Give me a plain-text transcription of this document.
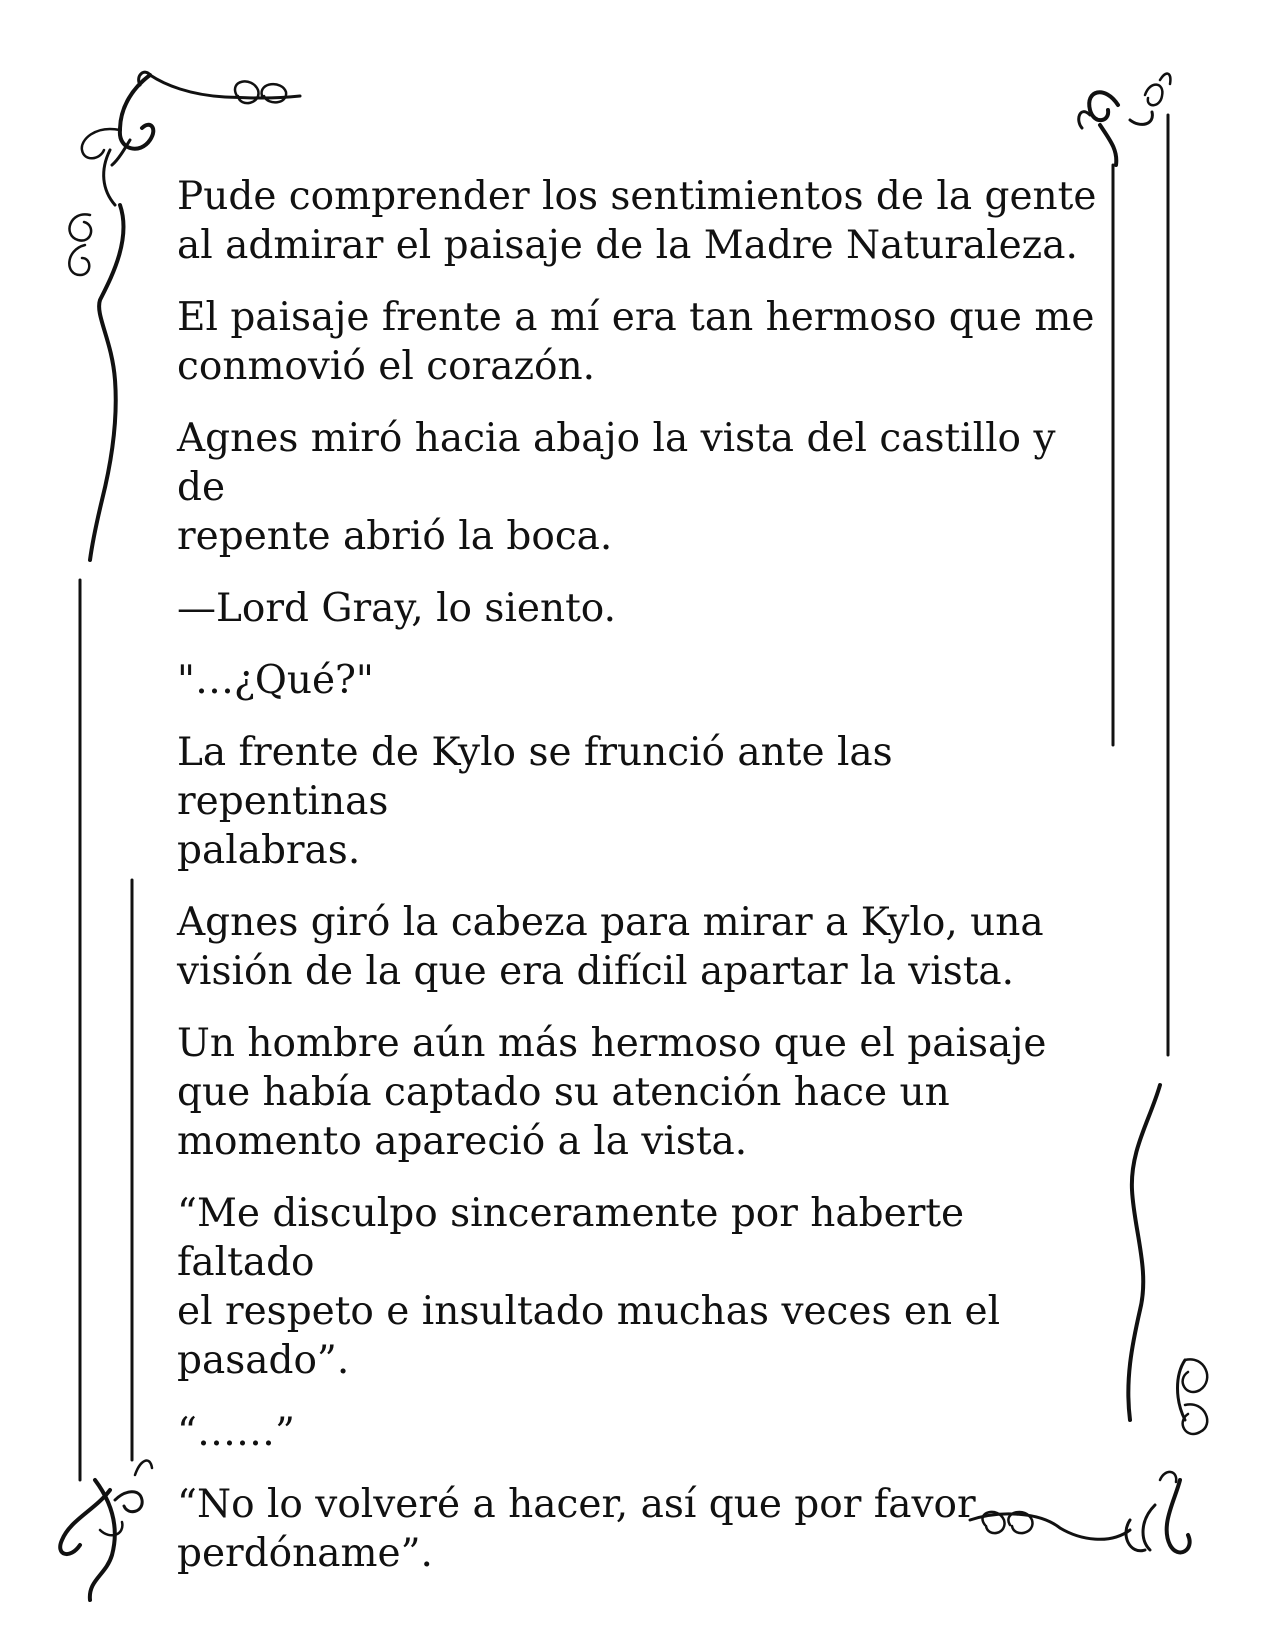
Pude comprender los sentimientos de la gente
al admirar el paisaje de la Madre Naturaleza.

El paisaje frente a mí era tan hermoso que me
conmovió el corazón.

Agnes miró hacia abajo la vista del castillo y de
repente abrió la boca.

—Lord Gray, lo siento.

"…¿Qué?"

La frente de Kylo se frunció ante las repentinas
palabras.

Agnes giró la cabeza para mirar a Kylo, una
visión de la que era difícil apartar la vista.

Un hombre aún más hermoso que el paisaje
que había captado su atención hace un
momento apareció a la vista.

“Me disculpo sinceramente por haberte faltado
el respeto e insultado muchas veces en el
pasado”.

“……”

“No lo volveré a hacer, así que por favor
perdóname”.
